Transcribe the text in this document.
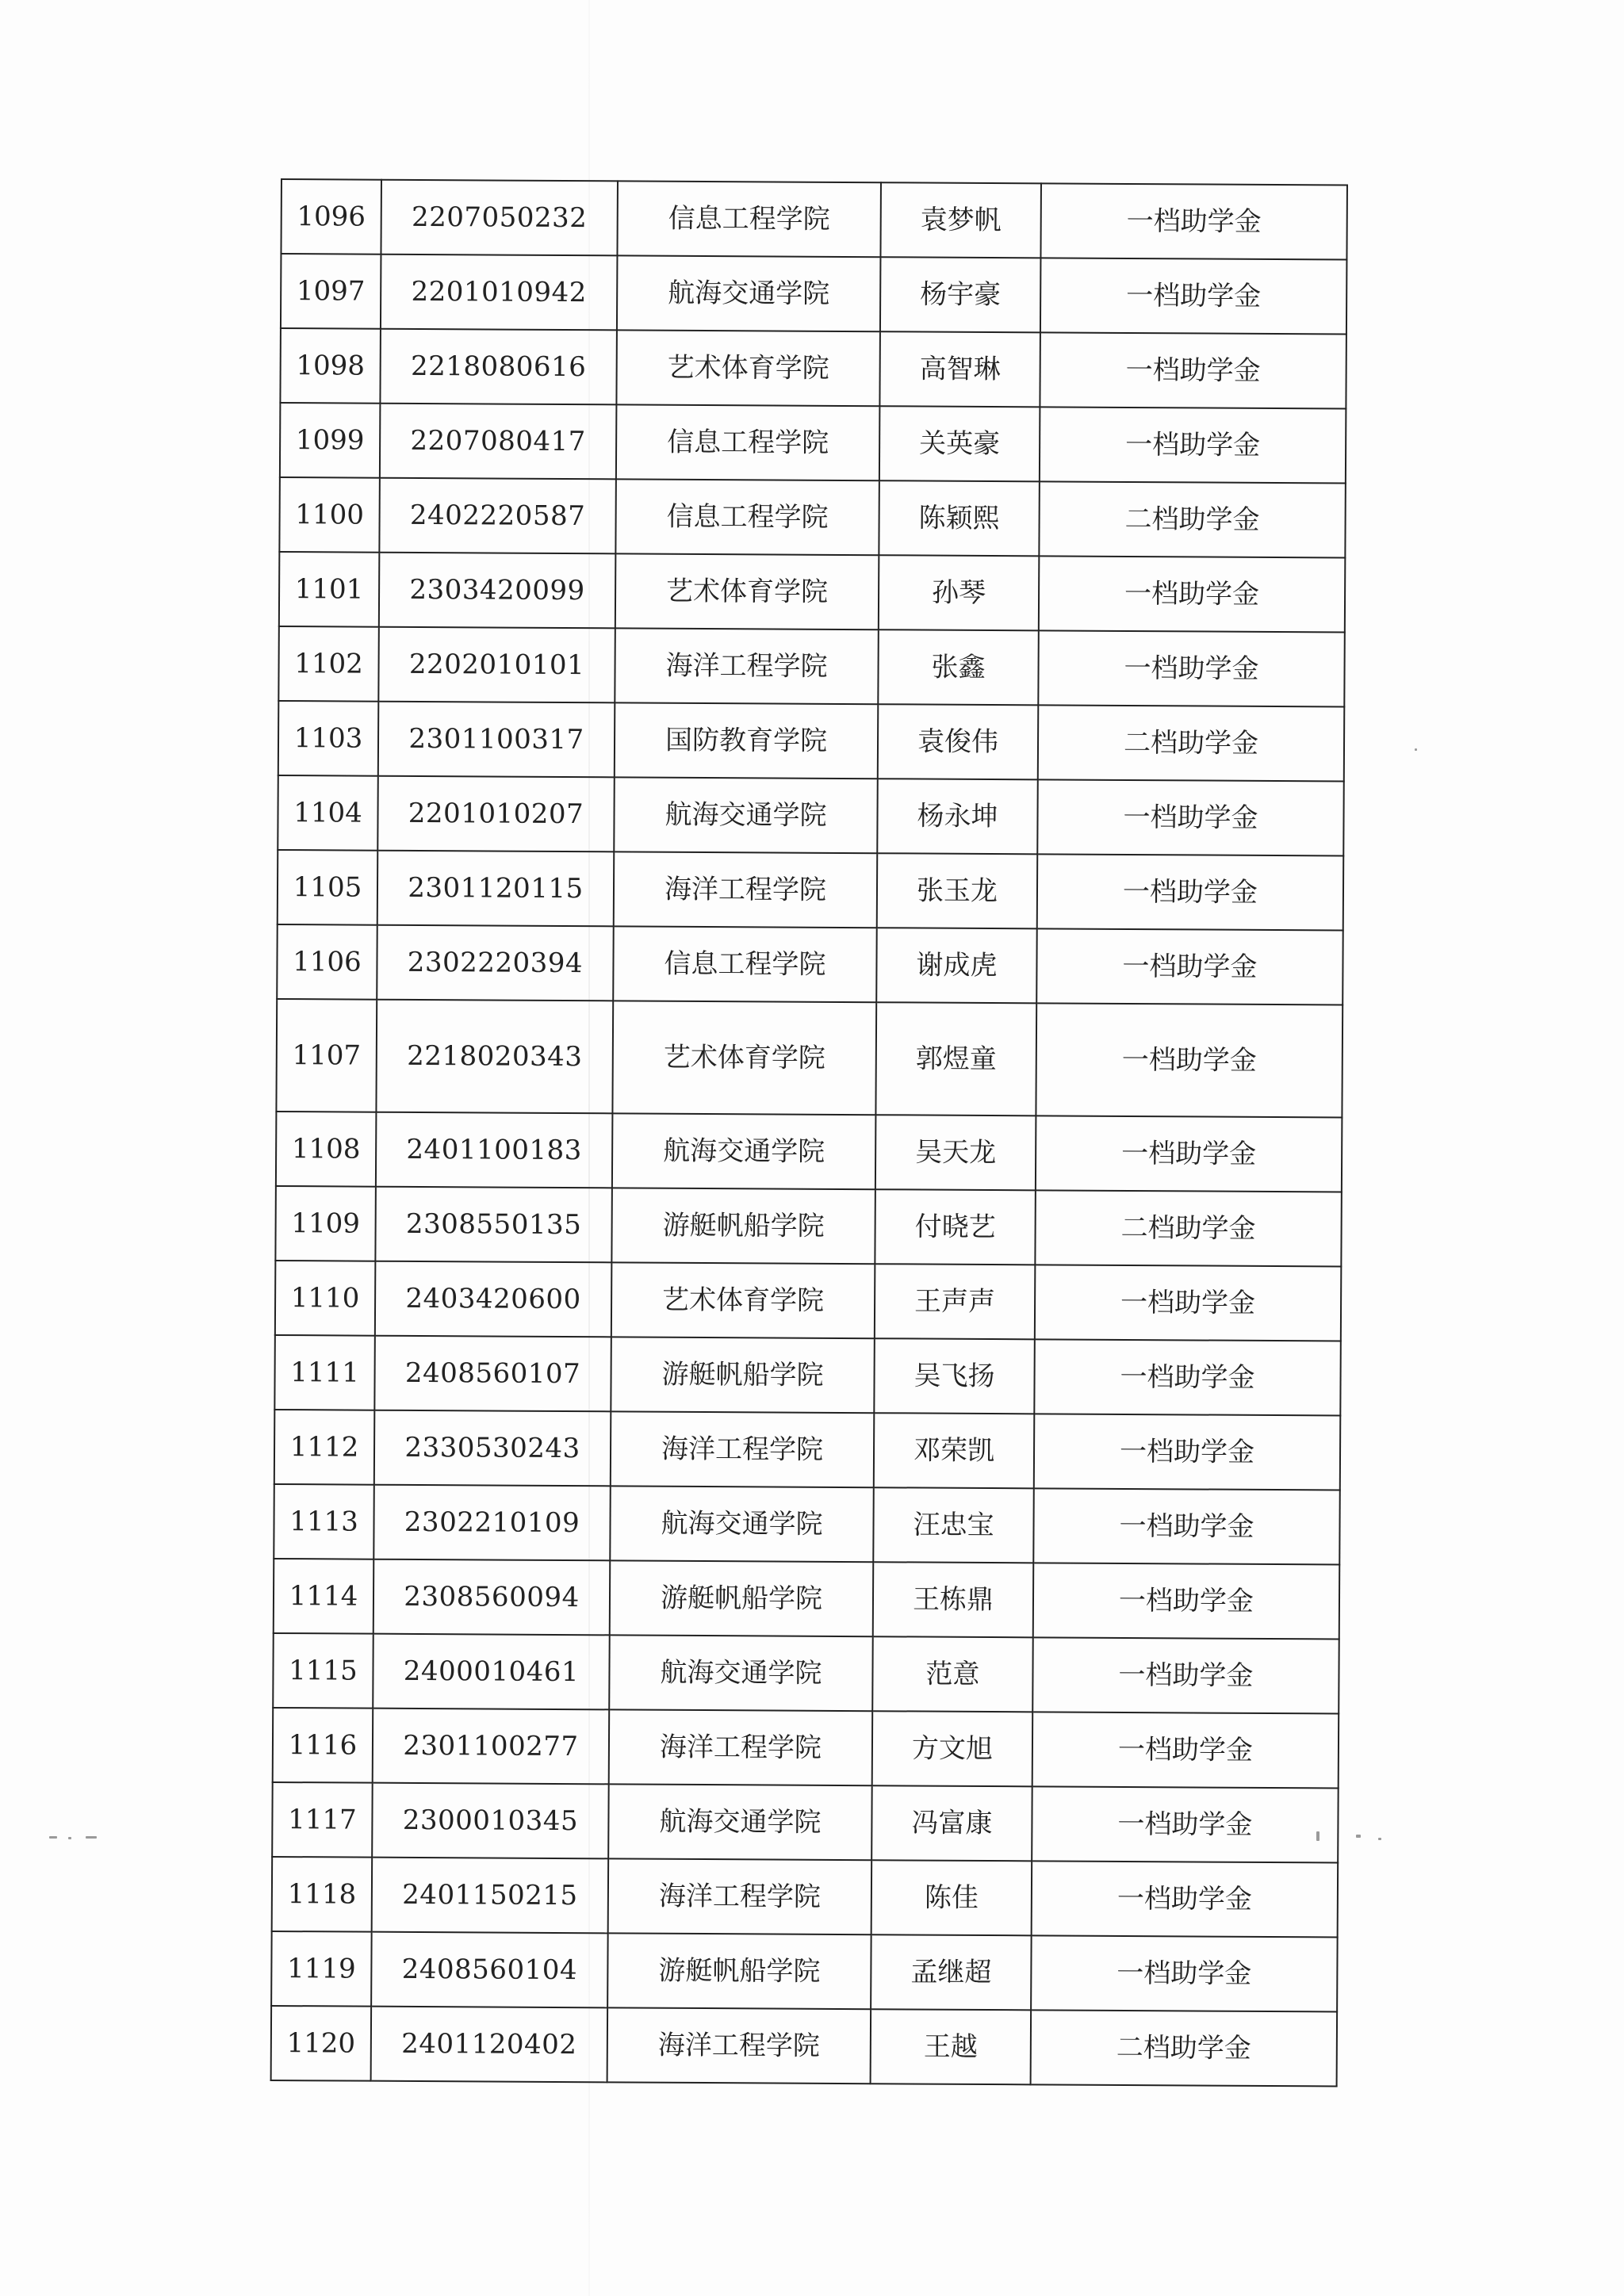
1096	2207050232	信息工程学院	袁梦帆	一档助学金
1097	2201010942	航海交通学院	杨宇豪	一档助学金
1098	2218080616	艺术体育学院	高智琳	一档助学金
1099	2207080417	信息工程学院	关英豪	一档助学金
1100	2402220587	信息工程学院	陈颖熙	二档助学金
1101	2303420099	艺术体育学院	孙琴	一档助学金
1102	2202010101	海洋工程学院	张鑫	一档助学金
1103	2301100317	国防教育学院	袁俊伟	二档助学金
1104	2201010207	航海交通学院	杨永坤	一档助学金
1105	2301120115	海洋工程学院	张玉龙	一档助学金
1106	2302220394	信息工程学院	谢成虎	一档助学金
1107	2218020343	艺术体育学院	郭煜童	一档助学金
1108	2401100183	航海交通学院	吴天龙	一档助学金
1109	2308550135	游艇帆船学院	付晓艺	二档助学金
1110	2403420600	艺术体育学院	王声声	一档助学金
1111	2408560107	游艇帆船学院	吴飞扬	一档助学金
1112	2330530243	海洋工程学院	邓荣凯	一档助学金
1113	2302210109	航海交通学院	汪忠宝	一档助学金
1114	2308560094	游艇帆船学院	王栋鼎	一档助学金
1115	2400010461	航海交通学院	范意	一档助学金
1116	2301100277	海洋工程学院	方文旭	一档助学金
1117	2300010345	航海交通学院	冯富康	一档助学金
1118	2401150215	海洋工程学院	陈佳	一档助学金
1119	2408560104	游艇帆船学院	孟继超	一档助学金
1120	2401120402	海洋工程学院	王越	二档助学金
